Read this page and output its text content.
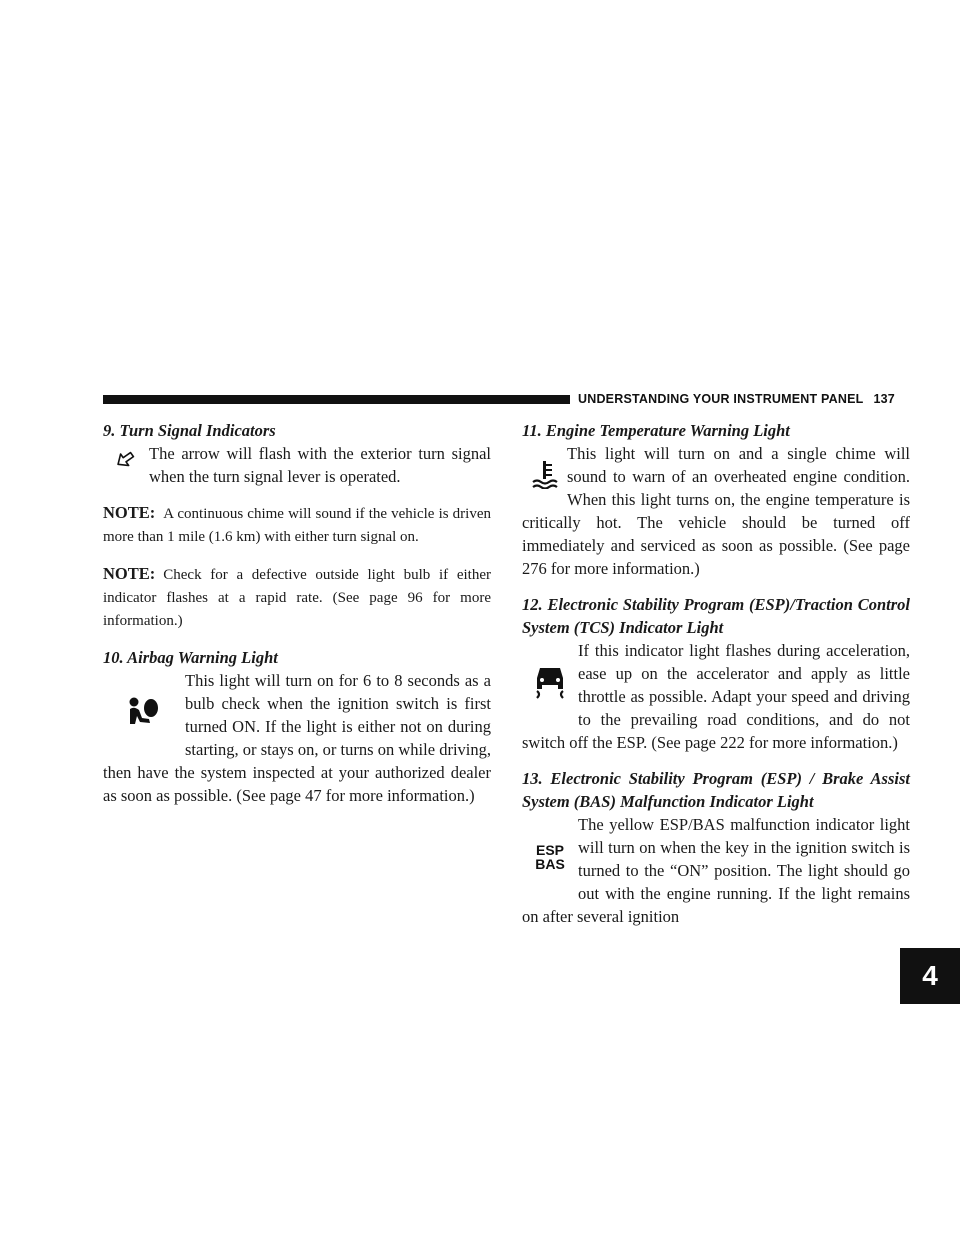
UNDERSTANDING YOUR INSTRUMENT PANEL 137
4

9. Turn Signal Indicators

The arrow will flash with the exterior turn signal when the turn signal lever is operated.

NOTE: A continuous chime will sound if the vehicle is driven more than 1 mile (1.6 km) with either turn signal on.
NOTE: Check for a defective outside light bulb if either indicator flashes at a rapid rate. (See page 96 for more information.)

10. Airbag Warning Light

This light will turn on for 6 to 8 seconds as a bulb check when the ignition switch is first turned ON. If the light is either not on during starting, or stays on, or turns on while driving, then have the system inspected at your authorized dealer as soon as possible. (See page 47 for more information.)

11. Engine Temperature Warning Light

This light will turn on and a single chime will sound to warn of an overheated engine condition. When this light turns on, the engine temperature is critically hot. The vehicle should be turned off immediately and serviced as soon as possible. (See page 276 for more information.)

12. Electronic Stability Program (ESP)/Traction Control System (TCS) Indicator Light

If this indicator light flashes during acceleration, ease up on the accelerator and apply as little throttle as possible. Adapt your speed and driving to the prevailing road conditions, and do not switch off the ESP. (See page 222 for more information.)

13. Electronic Stability Program (ESP) / Brake Assist System (BAS) Malfunction Indicator Light

ESP
BAS

The yellow ESP/BAS malfunction indicator light will turn on when the key in the ignition switch is turned to the “ON” position. The light should go out with the engine running. If the light remains on after several ignition
